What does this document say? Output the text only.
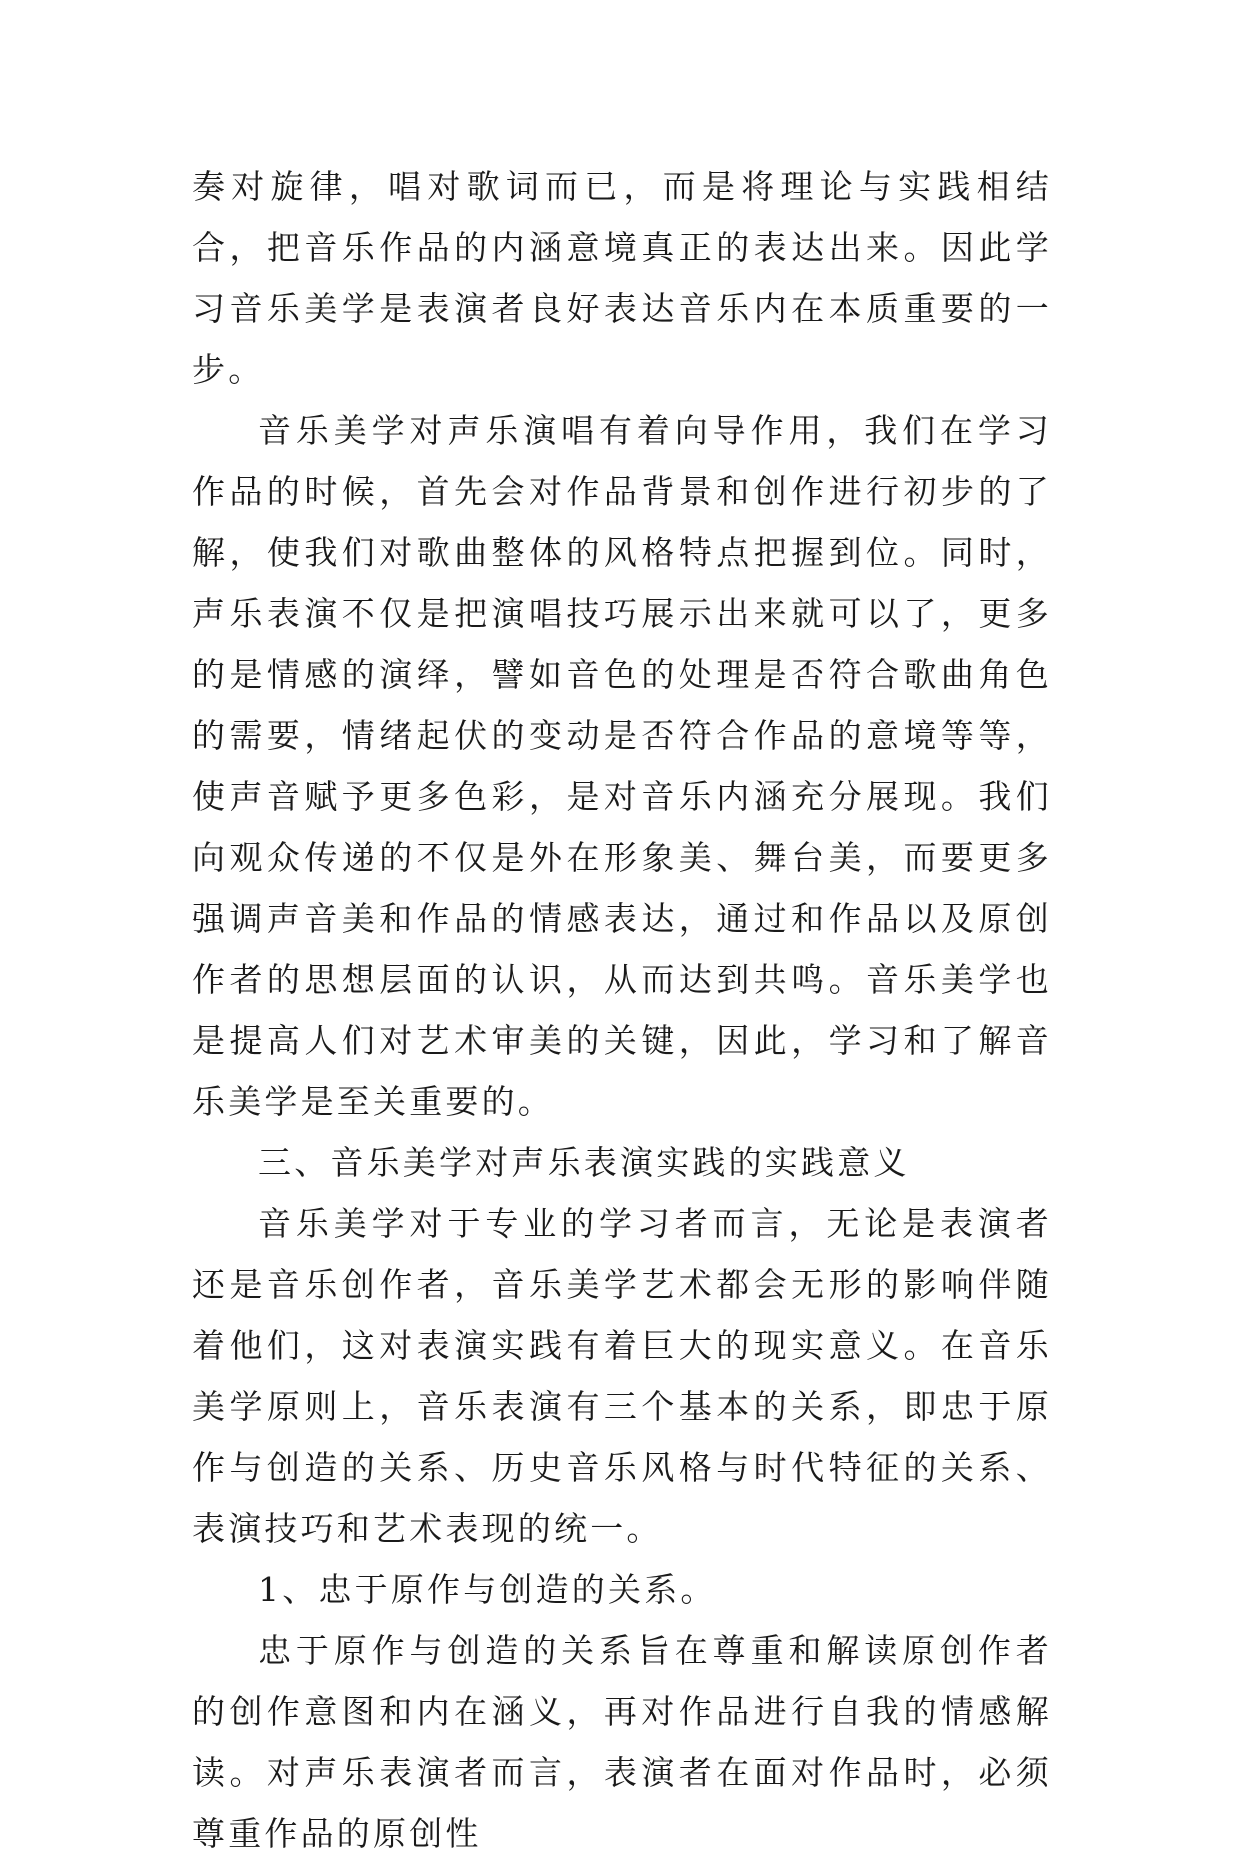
奏对旋律，唱对歌词而已，而是将理论与实践相结合，把音乐作品的内涵意境真正的表达出来。因此学习音乐美学是表演者良好表达音乐内在本质重要的一步。

音乐美学对声乐演唱有着向导作用，我们在学习作品的时候，首先会对作品背景和创作进行初步的了解，使我们对歌曲整体的风格特点把握到位。同时，声乐表演不仅是把演唱技巧展示出来就可以了，更多的是情感的演绎，譬如音色的处理是否符合歌曲角色的需要，情绪起伏的变动是否符合作品的意境等等，使声音赋予更多色彩，是对音乐内涵充分展现。我们向观众传递的不仅是外在形象美、舞台美，而要更多强调声音美和作品的情感表达，通过和作品以及原创作者的思想层面的认识，从而达到共鸣。音乐美学也是提高人们对艺术审美的关键，因此，学习和了解音乐美学是至关重要的。

三、音乐美学对声乐表演实践的实践意义

音乐美学对于专业的学习者而言，无论是表演者还是音乐创作者，音乐美学艺术都会无形的影响伴随着他们，这对表演实践有着巨大的现实意义。在音乐美学原则上，音乐表演有三个基本的关系，即忠于原作与创造的关系、历史音乐风格与时代特征的关系、表演技巧和艺术表现的统一。

1、忠于原作与创造的关系。

忠于原作与创造的关系旨在尊重和解读原创作者的创作意图和内在涵义，再对作品进行自我的情感解读。对声乐表演者而言，表演者在面对作品时，必须尊重作品的原创性
